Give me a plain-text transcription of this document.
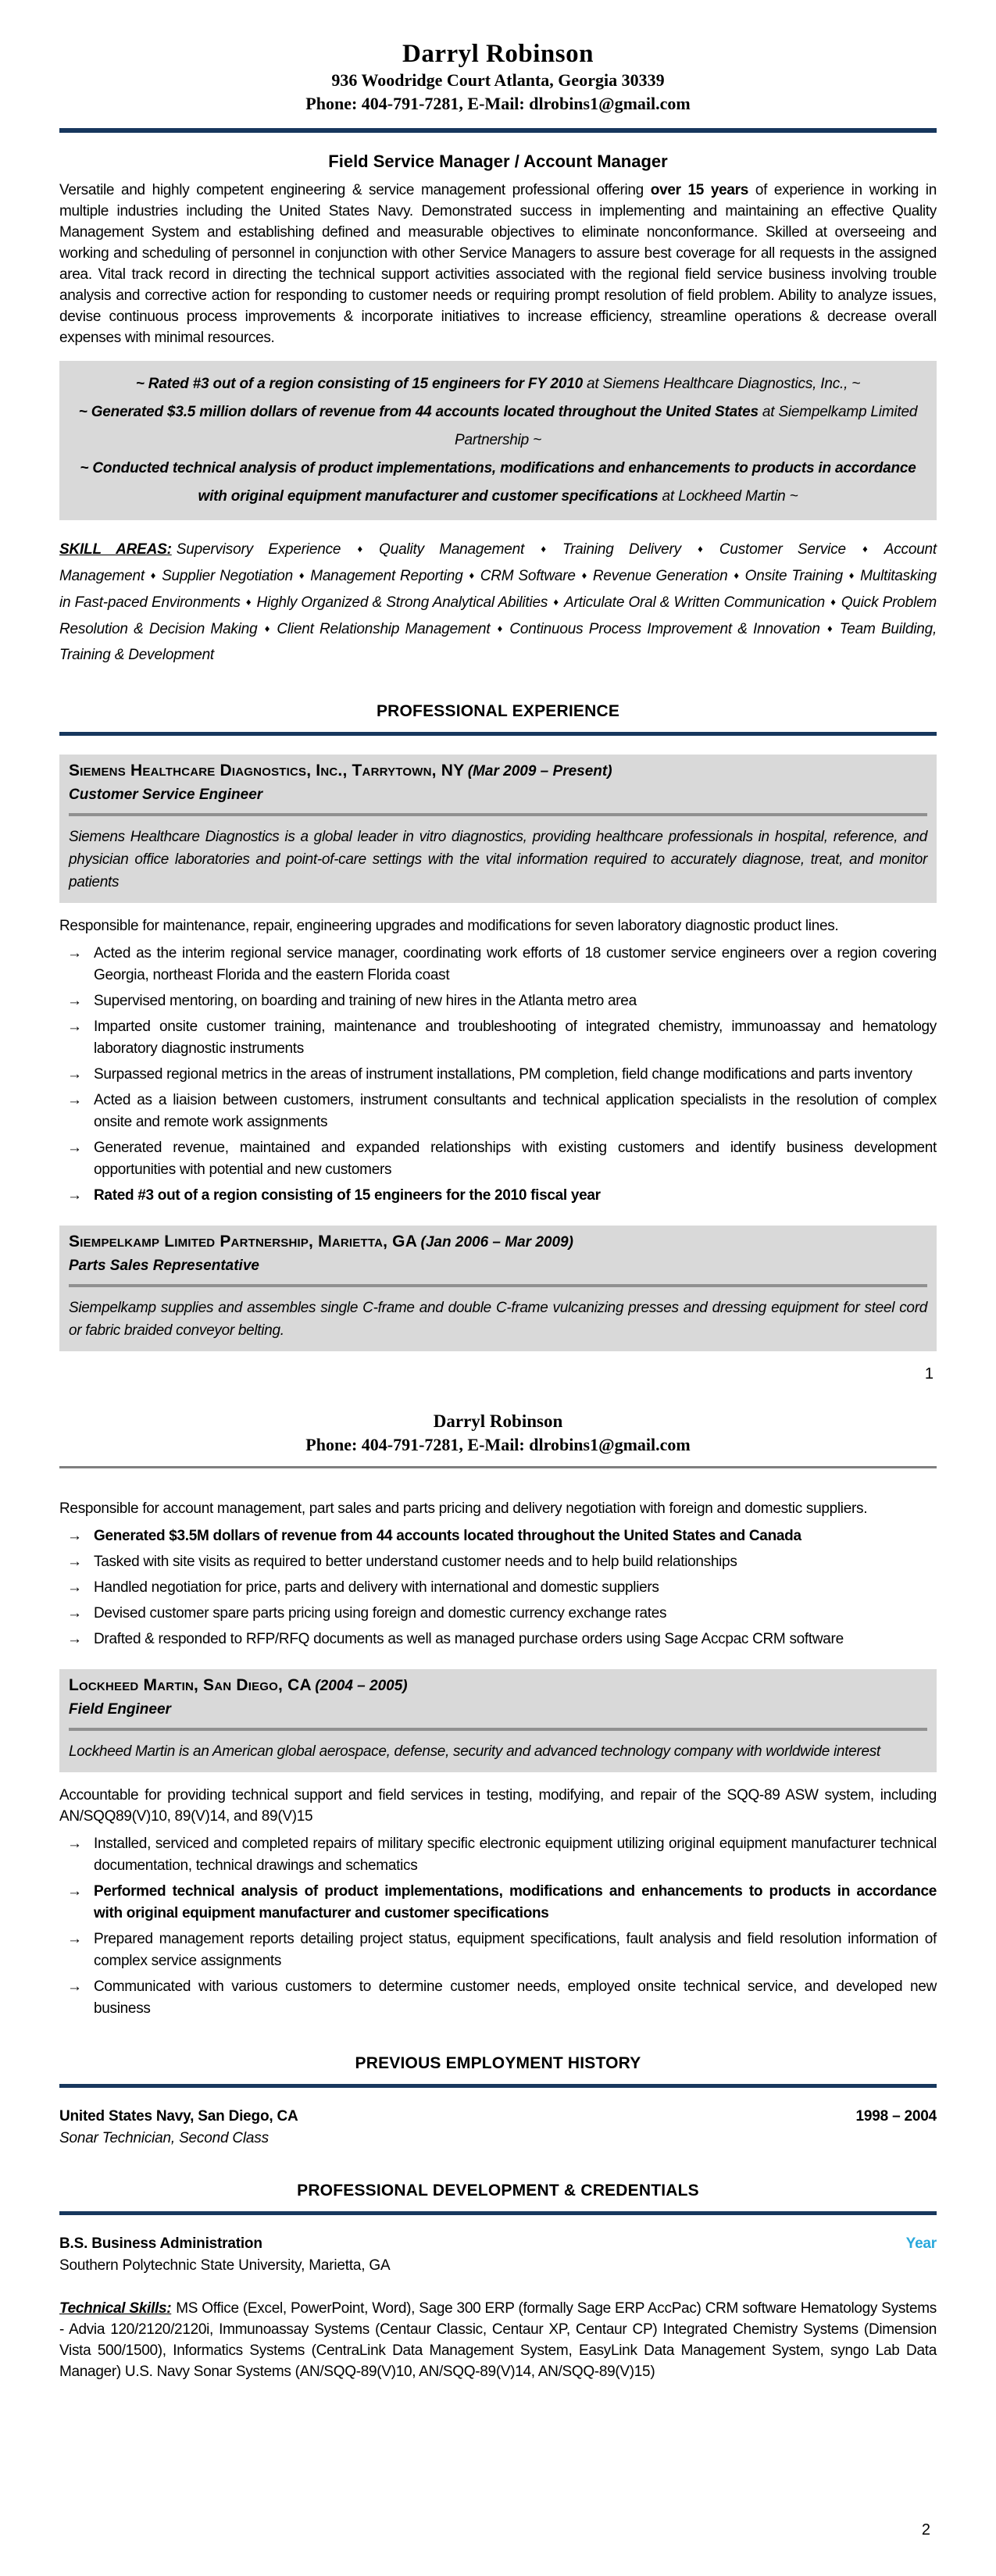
Darryl Robinson
936 Woodridge Court Atlanta, Georgia 30339
Phone: 404-791-7281, E-Mail: dlrobins1@gmail.com
Field Service Manager / Account Manager

Versatile and highly competent engineering & service management professional offering over 15 years of experience in working in multiple industries including the United States Navy. Demonstrated success in implementing and maintaining an effective Quality Management System and establishing defined and measurable objectives to eliminate nonconformance. Skilled at overseeing and working and scheduling of personnel in conjunction with other Service Managers to assure best coverage for all requests in the assigned area. Vital track record in directing the technical support activities associated with the regional field service business involving trouble analysis and corrective action for responding to customer needs or requiring prompt resolution of field problem. Ability to analyze issues, devise continuous process improvements & incorporate initiatives to increase efficiency, streamline operations & decrease overall expenses with minimal resources.

~ Rated #3 out of a region consisting of 15 engineers for FY 2010 at Siemens Healthcare Diagnostics, Inc., ~
~ Generated $3.5 million dollars of revenue from 44 accounts located throughout the United States at Siempelkamp Limited Partnership ~
~ Conducted technical analysis of product implementations, modifications and enhancements to products in accordance with original equipment manufacturer and customer specifications at Lockheed Martin ~

SKILL AREAS: Supervisory Experience ♦ Quality Management ♦ Training Delivery ♦ Customer Service ♦ Account Management ♦ Supplier Negotiation ♦ Management Reporting ♦ CRM Software ♦ Revenue Generation ♦ Onsite Training ♦ Multitasking in Fast-paced Environments ♦ Highly Organized & Strong Analytical Abilities ♦ Articulate Oral & Written Communication ♦ Quick Problem Resolution & Decision Making ♦ Client Relationship Management ♦ Continuous Process Improvement & Innovation ♦ Team Building, Training & Development

PROFESSIONAL EXPERIENCE
Siemens Healthcare Diagnostics, Inc., Tarrytown, NY (Mar 2009 – Present)
Customer Service Engineer

Siemens Healthcare Diagnostics is a global leader in vitro diagnostics, providing healthcare professionals in hospital, reference, and physician office laboratories and point-of-care settings with the vital information required to accurately diagnose, treat, and monitor patients

Responsible for maintenance, repair, engineering upgrades and modifications for seven laboratory diagnostic product lines.

→ Acted as the interim regional service manager, coordinating work efforts of 18 customer service engineers over a region covering Georgia, northeast Florida and the eastern Florida coast
→ Supervised mentoring, on boarding and training of new hires in the Atlanta metro area
→ Imparted onsite customer training, maintenance and troubleshooting of integrated chemistry, immunoassay and hematology laboratory diagnostic instruments
→ Surpassed regional metrics in the areas of instrument installations, PM completion, field change modifications and parts inventory
→ Acted as a liaision between customers, instrument consultants and technical application specialists in the resolution of complex onsite and remote work assignments
→ Generated revenue, maintained and expanded relationships with existing customers and identify business development opportunities with potential and new customers
→ Rated #3 out of a region consisting of 15 engineers for the 2010 fiscal year
Siempelkamp Limited Partnership, Marietta, GA (Jan 2006 – Mar 2009)
Parts Sales Representative

Siempelkamp supplies and assembles single C-frame and double C-frame vulcanizing presses and dressing equipment for steel cord or fabric braided conveyor belting.

1
Darryl Robinson
Phone: 404-791-7281, E-Mail: dlrobins1@gmail.com

Responsible for account management, part sales and parts pricing and delivery negotiation with foreign and domestic suppliers.

→ Generated $3.5M dollars of revenue from 44 accounts located throughout the United States and Canada
→ Tasked with site visits as required to better understand customer needs and to help build relationships
→ Handled negotiation for price, parts and delivery with international and domestic suppliers
→ Devised customer spare parts pricing using foreign and domestic currency exchange rates
→ Drafted & responded to RFP/RFQ documents as well as managed purchase orders using Sage Accpac CRM software
Lockheed Martin, San Diego, CA (2004 – 2005)
Field Engineer

Lockheed Martin is an American global aerospace, defense, security and advanced technology company with worldwide interest

Accountable for providing technical support and field services in testing, modifying, and repair of the SQQ-89 ASW system, including AN/SQQ89(V)10, 89(V)14, and 89(V)15

→ Installed, serviced and completed repairs of military specific electronic equipment utilizing original equipment manufacturer technical documentation, technical drawings and schematics
→ Performed technical analysis of product implementations, modifications and enhancements to products in accordance with original equipment manufacturer and customer specifications
→ Prepared management reports detailing project status, equipment specifications, fault analysis and field resolution information of complex service assignments
→ Communicated with various customers to determine customer needs, employed onsite technical service, and developed new business
PREVIOUS EMPLOYMENT HISTORY
United States Navy, San Diego, CA	1998 – 2004
Sonar Technician, Second Class
PROFESSIONAL DEVELOPMENT & CREDENTIALS
B.S. Business Administration	Year
Southern Polytechnic State University, Marietta, GA

Technical Skills: MS Office (Excel, PowerPoint, Word), Sage 300 ERP (formally Sage ERP AccPac) CRM software Hematology Systems - Advia 120/2120/2120i, Immunoassay Systems (Centaur Classic, Centaur XP, Centaur CP) Integrated Chemistry Systems (Dimension Vista 500/1500), Informatics Systems (CentraLink Data Management System, EasyLink Data Management System, syngo Lab Data Manager) U.S. Navy Sonar Systems (AN/SQQ-89(V)10, AN/SQQ-89(V)14, AN/SQQ-89(V)15)

2
